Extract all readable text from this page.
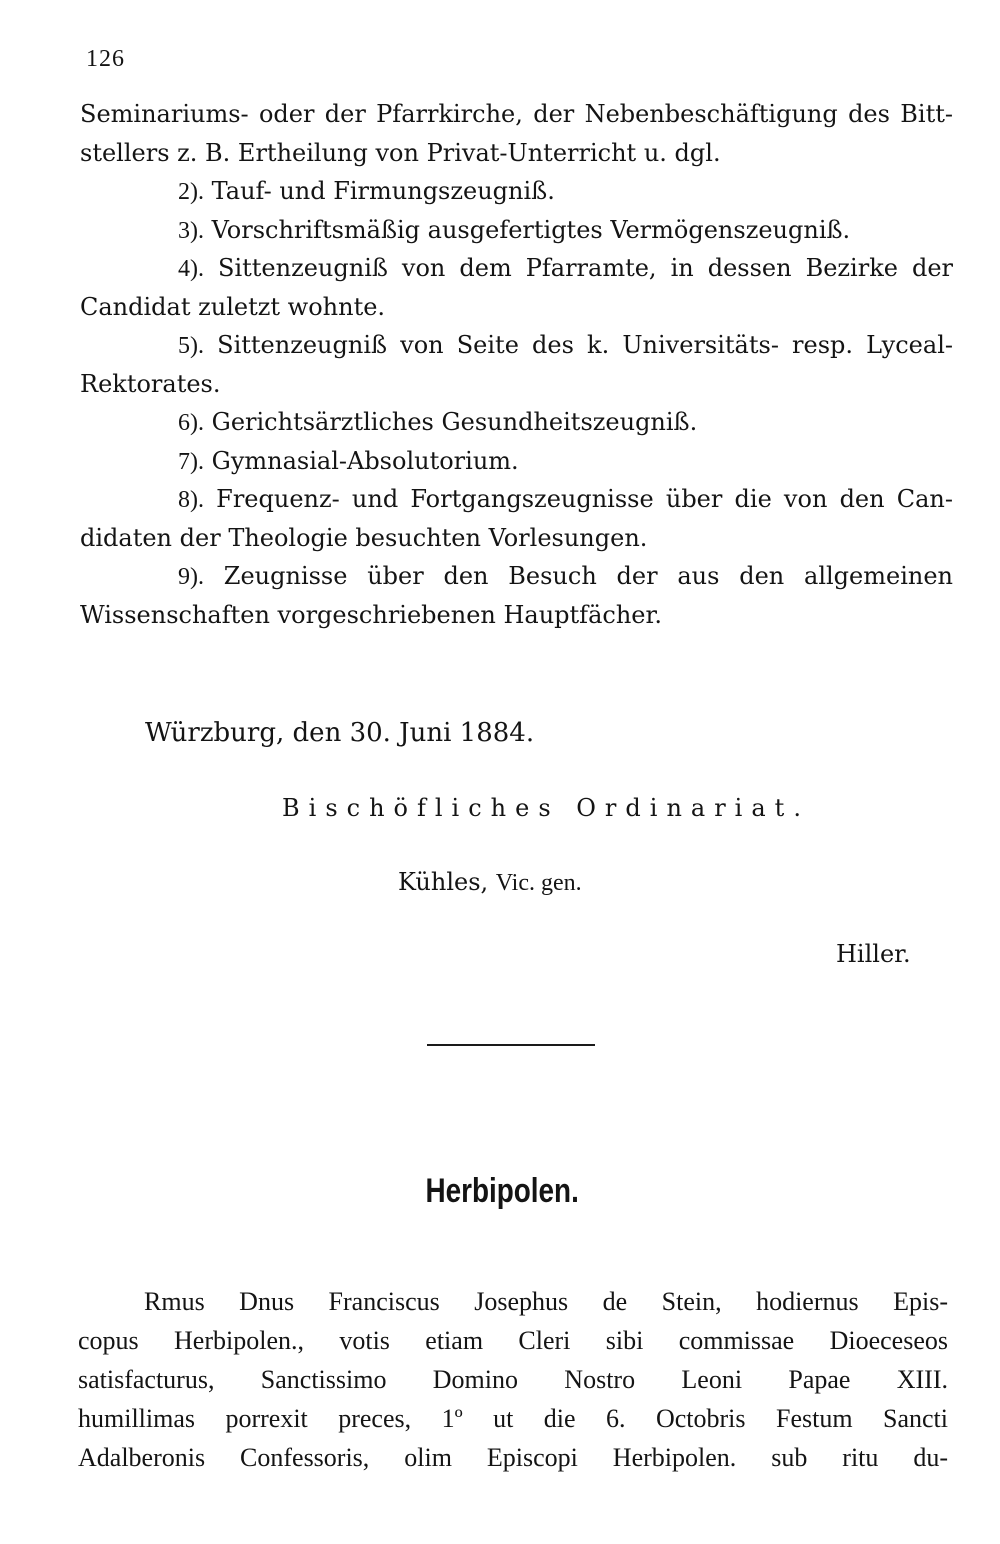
126
Seminariums- oder der Pfarrkirche, der Nebenbeschäftigung des Bitt-
stellers z. B. Ertheilung von Privat-Unterricht u. dgl.
2). Tauf- und Firmungszeugniß.
3). Vorschriftsmäßig ausgefertigtes Vermögenszeugniß.
4). Sittenzeugniß von dem Pfarramte, in dessen Bezirke der
Candidat zuletzt wohnte.
5). Sittenzeugniß von Seite des k. Universitäts- resp. Lyceal-
Rektorates.
6). Gerichtsärztliches Gesundheitszeugniß.
7). Gymnasial-Absolutorium.
8). Frequenz- und Fortgangszeugnisse über die von den Can-
didaten der Theologie besuchten Vorlesungen.
9). Zeugnisse über den Besuch der aus den allgemeinen
Wissenschaften vorgeschriebenen Hauptfächer.
Würzburg, den 30. Juni 1884.
Bischöfliches Ordinariat.
Kühles, Vic. gen.
Hiller.
Herbipolen.
Rmus Dnus Franciscus Josephus de Stein, hodiernus Epis-
copus Herbipolen., votis etiam Cleri sibi commissae Dioeceseos
satisfacturus, Sanctissimo Domino Nostro Leoni Papae XIII.
humillimas porrexit preces, 1º ut die 6. Octobris Festum Sancti
Adalberonis Confessoris, olim Episcopi Herbipolen. sub ritu du-
